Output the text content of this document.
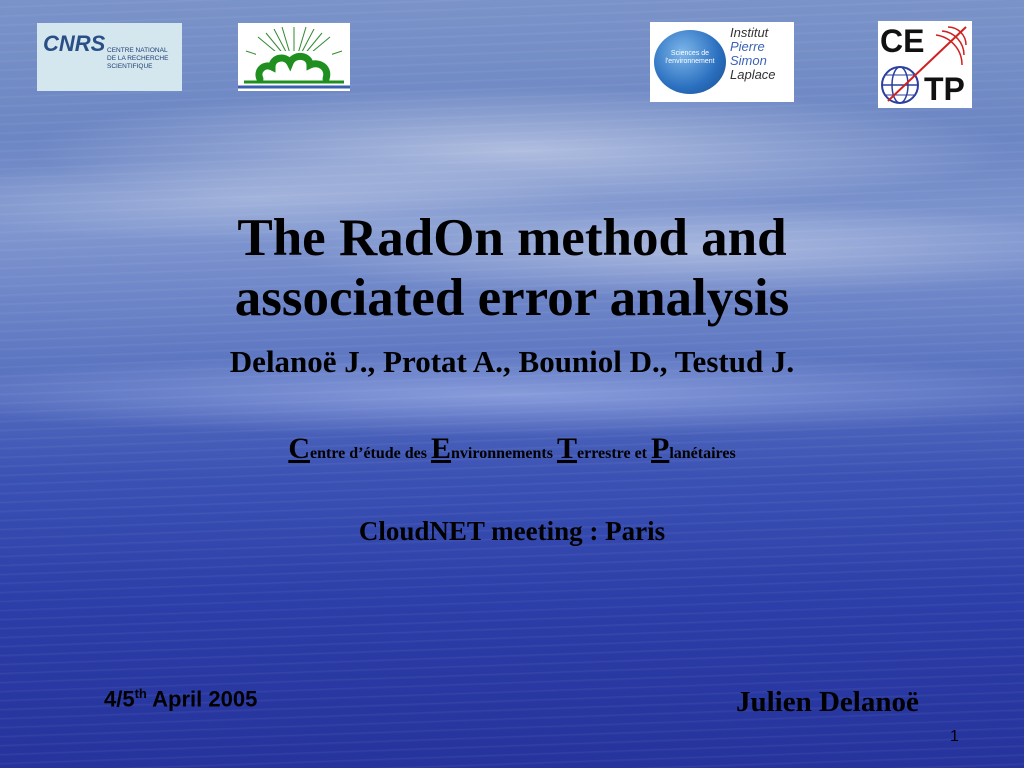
CNRS CENTRE NATIONAL
DE LA RECHERCHE
SCIENTIFIQUE
Sciences de
l'environnement
Institut
Pierre
Simon
Laplace
CE
TP
The RadOn method and
associated error analysis
Delanoë J., Protat A., Bouniol D., Testud J.
Centre d’étude des Environnements Terrestre et Planétaires
CloudNET meeting : Paris
4/5th April 2005	Julien Delanoë
1
